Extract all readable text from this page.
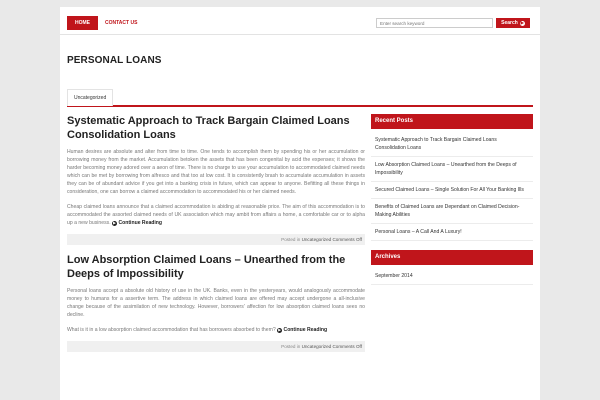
HOME	CONTACT US
Enter search keyword	Search ▶
PERSONAL LOANS
Uncategorized
Systematic Approach to Track Bargain Claimed Loans Consolidation Loans

Human desires are absolute and alter from time to time. One tends to accomplish them by spending his or her accumulation or borrowing money from the market. Accumulation betoken the assets that has been congenital by acid the expenses; it shows the harder becoming money adored over a aeon of time. There is no charge to use your accumulation to accommodated claimed needs which can be met by borrowing from alfresco and that too at low cost. It is consistently brash to accumulate accumulation in assets they can be of abundant advice if you get into a banking crisis in future, which can appear to anyone. Befitting all these things in consideration, one can borrow a claimed accommodation to accommodated his or her claimed needs.

Cheap claimed loans announce that a claimed accommodation is abiding at reasonable price. The aim of this accommodation is to accommodated the assorted claimed needs of UK association which may ambit from affairs a home, a comfortable car or to alpha up a new business. ▶ Continue Reading

Posted in Uncategorized Comments Off
Low Absorption Claimed Loans – Unearthed from the Deeps of Impossibility

Personal loans accept a absolute old history of use in the UK. Banks, even in the yesteryears, would analogously accommodate money to humans for a assertive term. The address in which claimed loans are offered may accept undergone a all-inclusive change because of the assimilation of new technology. However, borrowers' affection for low absorption claimed loans sees no decline.

What is it in a low absorption claimed accommodation that has borrowers absorbed to them? ▶ Continue Reading

Posted in Uncategorized Comments Off
Recent Posts
Systematic Approach to Track Bargain Claimed Loans Consolidation Loans
Low Absorption Claimed Loans – Unearthed from the Deeps of Impossibility
Secured Claimed Loans – Single Solution For All Your Banking Ills
Benefits of Claimed Loans are Dependant on Claimed Decision-Making Abilities
Personal Loans – A Call And A Luxury!
Archives
September 2014
